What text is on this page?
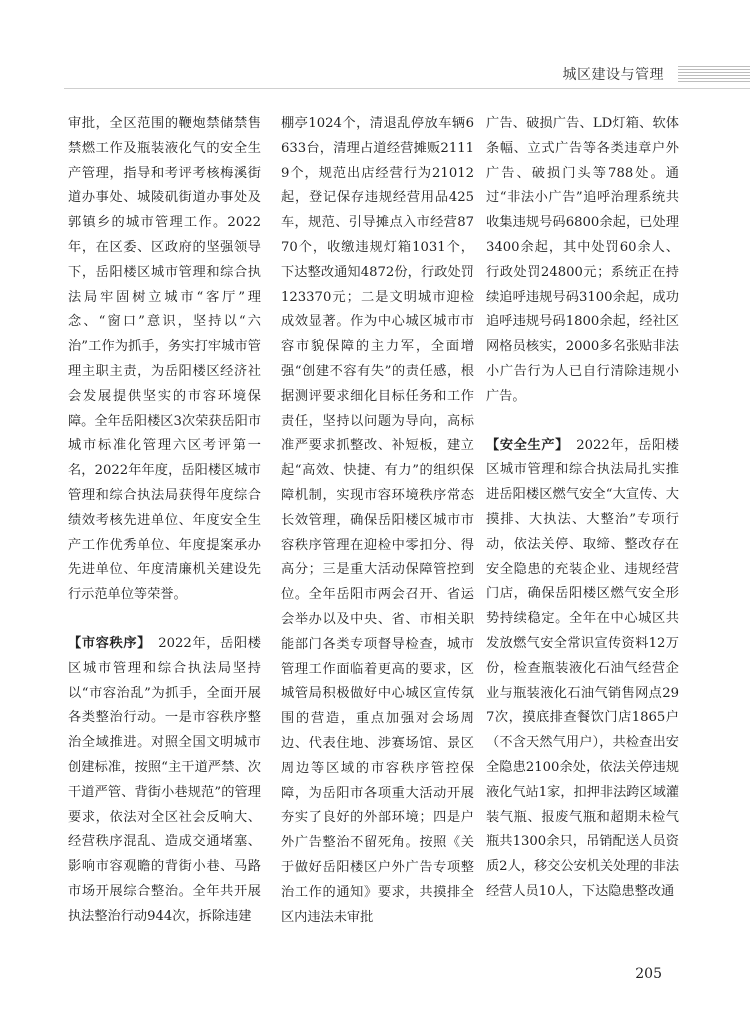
城区建设与管理

审批，全区范围的鞭炮禁储禁售禁燃工作及瓶装液化气的安全生产管理，指导和考评考核梅溪街道办事处、城陵矶街道办事处及郭镇乡的城市管理工作。2022年，在区委、区政府的坚强领导下，岳阳楼区城市管理和综合执法局牢固树立城市“客厅”理念、“窗口”意识，坚持以“六治”工作为抓手，务实打牢城市管理主职主责，为岳阳楼区经济社会发展提供坚实的市容环境保障。全年岳阳楼区3次荣获岳阳市城市标准化管理六区考评第一名，2022年年度，岳阳楼区城市管理和综合执法局获得年度综合绩效考核先进单位、年度安全生产工作优秀单位、年度提案承办先进单位、年度清廉机关建设先行示范单位等荣誉。

【市容秩序】　2022年，岳阳楼区城市管理和综合执法局坚持以“市容治乱”为抓手，全面开展各类整治行动。一是市容秩序整治全域推进。对照全国文明城市创建标准，按照“主干道严禁、次干道严管、背街小巷规范”的管理要求，依法对全区社会反响大、经营秩序混乱、造成交通堵塞、影响市容观瞻的背街小巷、马路市场开展综合整治。全年共开展执法整治行动944次，拆除违建

棚亭1024个，清退乱停放车辆6633台，清理占道经营摊贩21119个，规范出店经营行为21012起，登记保存违规经营用品425车，规范、引导摊点入市经营8770个，收缴违规灯箱1031个，下达整改通知4872份，行政处罚123370元；二是文明城市迎检成效显著。作为中心城区城市市容市貌保障的主力军，全面增强“创建不容有失”的责任感，根据测评要求细化目标任务和工作责任，坚持以问题为导向，高标准严要求抓整改、补短板，建立起“高效、快捷、有力”的组织保障机制，实现市容环境秩序常态长效管理，确保岳阳楼区城市市容秩序管理在迎检中零扣分、得高分；三是重大活动保障管控到位。全年岳阳市两会召开、省运会举办以及中央、省、市相关职能部门各类专项督导检查，城市管理工作面临着更高的要求，区城管局积极做好中心城区宣传氛围的营造，重点加强对会场周边、代表住地、涉赛场馆、景区周边等区域的市容秩序管控保障，为岳阳市各项重大活动开展夯实了良好的外部环境；四是户外广告整治不留死角。按照《关于做好岳阳楼区户外广告专项整治工作的通知》要求，共摸排全区内违法未审批

广告、破损广告、LD灯箱、软体条幅、立式广告等各类违章户外广告、破损门头等788处。通过“非法小广告”追呼治理系统共收集违规号码6800余起，已处理3400余起，其中处罚60余人、行政处罚24800元；系统正在持续追呼违规号码3100余起，成功追呼违规号码1800余起，经社区网格员核实，2000多名张贴非法小广告行为人已自行清除违规小广告。

【安全生产】　2022年，岳阳楼区城市管理和综合执法局扎实推进岳阳楼区燃气安全“大宣传、大摸排、大执法、大整治”专项行动，依法关停、取缔、整改存在安全隐患的充装企业、违规经营门店，确保岳阳楼区燃气安全形势持续稳定。全年在中心城区共发放燃气安全常识宣传资料12万份，检查瓶装液化石油气经营企业与瓶装液化石油气销售网点297次，摸底排查餐饮门店1865户（不含天然气用户），共检查出安全隐患2100余处，依法关停违规液化气站1家，扣押非法跨区域灌装气瓶、报废气瓶和超期未检气瓶共1300余只，吊销配送人员资质2人，移交公安机关处理的非法经营人员10人，下达隐患整改通

205
